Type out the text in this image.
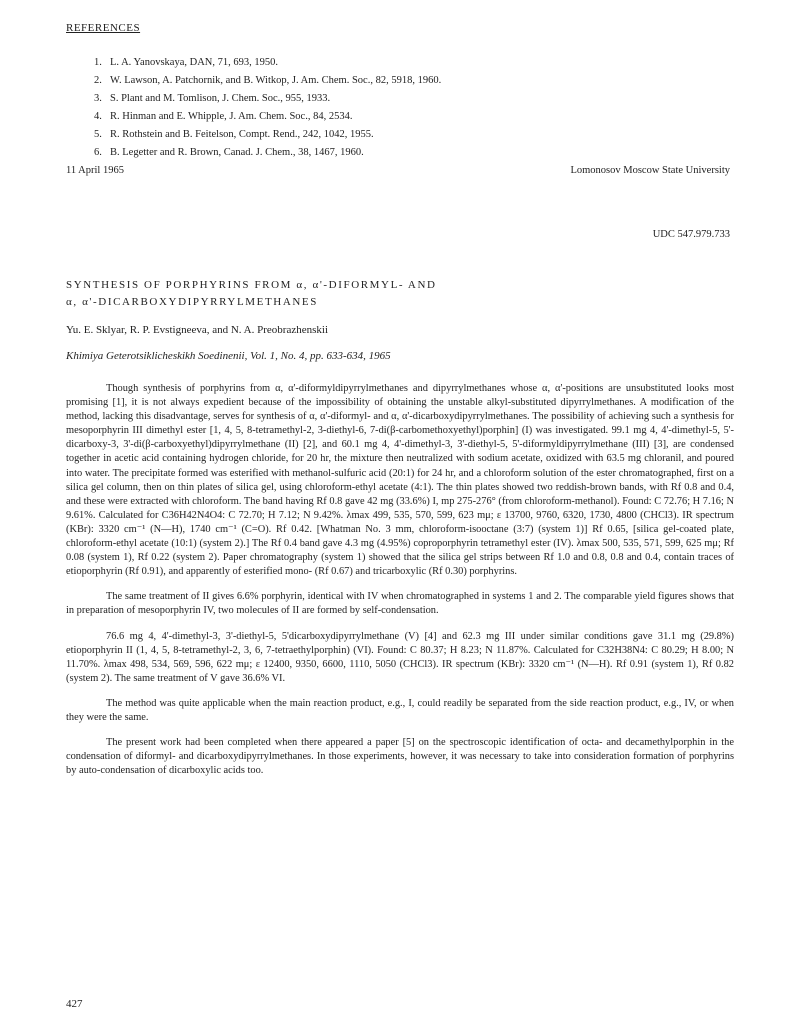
REFERENCES
1. L. A. Yanovskaya, DAN, 71, 693, 1950.
2. W. Lawson, A. Patchornik, and B. Witkop, J. Am. Chem. Soc., 82, 5918, 1960.
3. S. Plant and M. Tomlison, J. Chem. Soc., 955, 1933.
4. R. Hinman and E. Whipple, J. Am. Chem. Soc., 84, 2534.
5. R. Rothstein and B. Feitelson, Compt. Rend., 242, 1042, 1955.
6. B. Legetter and R. Brown, Canad. J. Chem., 38, 1467, 1960.
11 April 1965	Lomonosov Moscow State University
UDC 547.979.733
SYNTHESIS OF PORPHYRINS FROM α, α'-DIFORMYL- AND
α, α'-DICARBOXYDIPYRRYLMETHANES
Yu. E. Sklyar, R. P. Evstigneeva, and N. A. Preobrazhenskii
Khimiya Geterotsiklicheskikh Soedinenii, Vol. 1, No. 4, pp. 633-634, 1965

Though synthesis of porphyrins from α, α'-diformyldipyrrylmethanes and dipyrrylmethanes whose α, α'-positions are unsubstituted looks most promising [1], it is not always expedient because of the impossibility of obtaining the unstable alkyl-substituted dipyrrylmethanes. A modification of the method, lacking this disadvantage, serves for synthesis of α, α'-diformyl- and α, α'-dicarboxydipyrrylmethanes. The possibility of achieving such a synthesis for mesoporphyrin III dimethyl ester [1, 4, 5, 8-tetramethyl-2, 3-diethyl-6, 7-di(β-carbomethoxyethyl)porphin] (I) was investigated. 99.1 mg 4, 4'-dimethyl-5, 5'-dicarboxy-3, 3'-di(β-carboxyethyl)dipyrrylmethane (II) [2], and 60.1 mg 4, 4'-dimethyl-3, 3'-diethyl-5, 5'-diformyldipyrrylmethane (III) [3], are condensed together in acetic acid containing hydrogen chloride, for 20 hr, the mixture then neutralized with sodium acetate, oxidized with 63.5 mg chloranil, and poured into water. The precipitate formed was esterified with methanol-sulfuric acid (20:1) for 24 hr, and a chloroform solution of the ester chromatographed, first on a silica gel column, then on thin plates of silica gel, using chloroform-ethyl acetate (4:1). The thin plates showed two reddish-brown bands, with Rf 0.8 and 0.4, and these were extracted with chloroform. The band having Rf 0.8 gave 42 mg (33.6%) I, mp 275-276° (from chloroform-methanol). Found: C 72.76; H 7.16; N 9.61%. Calculated for C36H42N4O4: C 72.70; H 7.12; N 9.42%. λmax 499, 535, 570, 599, 623 mμ; ε 13700, 9760, 6320, 1730, 4800 (CHCl3). IR spectrum (KBr): 3320 cm⁻¹ (N—H), 1740 cm⁻¹ (C=O). Rf 0.42. [Whatman No. 3 mm, chloroform-isooctane (3:7) (system 1)] Rf 0.65, [silica gel-coated plate, chloroform-ethyl acetate (10:1) (system 2).] The Rf 0.4 band gave 4.3 mg (4.95%) coproporphyrin tetramethyl ester (IV). λmax 500, 535, 571, 599, 625 mμ; Rf 0.08 (system 1), Rf 0.22 (system 2). Paper chromatography (system 1) showed that the silica gel strips between Rf 1.0 and 0.8, 0.8 and 0.4, contain traces of etioporphyrin (Rf 0.91), and apparently of esterified mono- (Rf 0.67) and tricarboxylic (Rf 0.30) porphyrins.

The same treatment of II gives 6.6% porphyrin, identical with IV when chromatographed in systems 1 and 2. The comparable yield figures shows that in preparation of mesoporphyrin IV, two molecules of II are formed by self-condensation.

76.6 mg 4, 4'-dimethyl-3, 3'-diethyl-5, 5'dicarboxydipyrrylmethane (V) [4] and 62.3 mg III under similar conditions gave 31.1 mg (29.8%) etioporphyrin II (1, 4, 5, 8-tetramethyl-2, 3, 6, 7-tetraethylporphin) (VI). Found: C 80.37; H 8.23; N 11.87%. Calculated for C32H38N4: C 80.29; H 8.00; N 11.70%. λmax 498, 534, 569, 596, 622 mμ; ε 12400, 9350, 6600, 1110, 5050 (CHCl3). IR spectrum (KBr): 3320 cm⁻¹ (N—H). Rf 0.91 (system 1), Rf 0.82 (system 2). The same treatment of V gave 36.6% VI.

The method was quite applicable when the main reaction product, e.g., I, could readily be separated from the side reaction product, e.g., IV, or when they were the same.

The present work had been completed when there appeared a paper [5] on the spectroscopic identification of octa- and decamethylporphin in the condensation of diformyl- and dicarboxydipyrrylmethanes. In those experiments, however, it was necessary to take into consideration formation of porphyrins by auto-condensation of dicarboxylic acids too.

427
